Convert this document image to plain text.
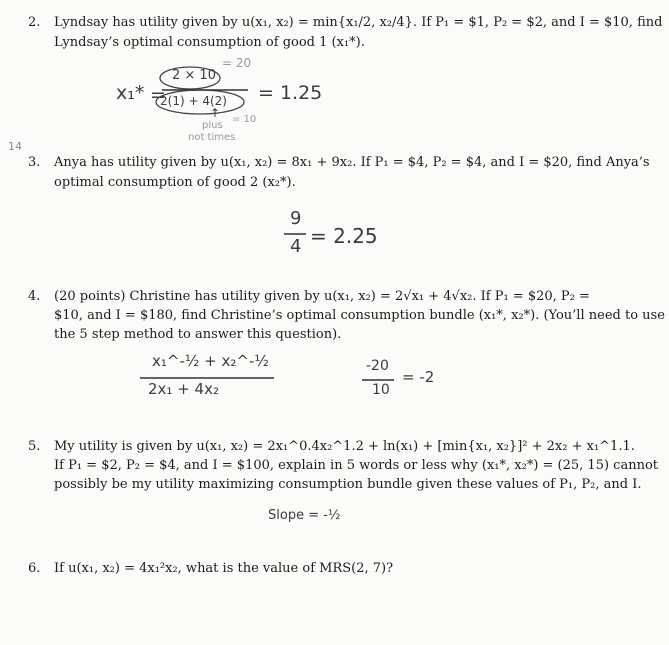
2.	Lyndsay has utility given by u(x₁, x₂) = min{x₁/2, x₂/4}. If P₁ = $1, P₂ = $2, and I = $10, find
Lyndsay’s optimal consumption of good 1 (x₁*).
x₁* =
2 × 10
= 20
2(1) + 4(2) = 1.25
↑
plus
= 10
not times
14
3.	Anya has utility given by u(x₁, x₂) = 8x₁ + 9x₂. If P₁ = $4, P₂ = $4, and I = $20, find Anya’s
optimal consumption of good 2 (x₂*).
9
4 = 2.25
4.	(20 points) Christine has utility given by u(x₁, x₂) = 2√x₁ + 4√x₂. If P₁ = $20, P₂ =
$10, and I = $180, find Christine’s optimal consumption bundle (x₁*, x₂*). (You’ll need to use
the 5 step method to answer this question).
x₁^-½ + x₂^-½
2x₁ + 4x₂
-20
10
= -2
5.	My utility is given by u(x₁, x₂) = 2x₁^0.4x₂^1.2 + ln(x₁) + [min{x₁, x₂}]² + 2x₂ + x₁^1.1.
If P₁ = $2, P₂ = $4, and I = $100, explain in 5 words or less why (x₁*, x₂*) = (25, 15) cannot
possibly be my utility maximizing consumption bundle given these values of P₁, P₂, and I.
Slope = -½
6.	If u(x₁, x₂) = 4x₁²x₂, what is the value of MRS(2, 7)?
